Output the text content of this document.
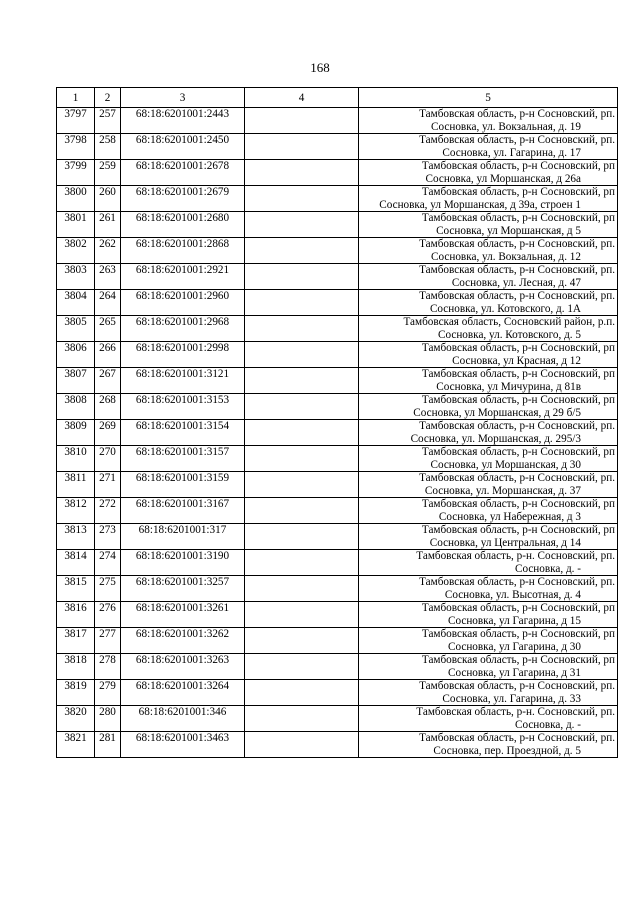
168
1	2	3	4	5
3797	257	68:18:6201001:2443		Тамбовская область, р-н Сосновский, рп.
Сосновка, ул. Вокзальная, д. 19

3798	258	68:18:6201001:2450		Тамбовская область, р-н Сосновский, рп.
Сосновка, ул. Гагарина, д. 17

3799	259	68:18:6201001:2678		Тамбовская область, р-н Сосновский, рп
Сосновка, ул Моршанская, д 26а

3800	260	68:18:6201001:2679		Тамбовская область, р-н Сосновский, рп
Сосновка, ул Моршанская, д 39а, строен 1

3801	261	68:18:6201001:2680		Тамбовская область, р-н Сосновский, рп
Сосновка, ул Моршанская, д 5

3802	262	68:18:6201001:2868		Тамбовская область, р-н Сосновский, рп.
Сосновка, ул. Вокзальная, д. 12

3803	263	68:18:6201001:2921		Тамбовская область, р-н Сосновский, рп.
Сосновка, ул. Лесная, д. 47

3804	264	68:18:6201001:2960		Тамбовская область, р-н Сосновский, рп.
Сосновка, ул. Котовского, д. 1А

3805	265	68:18:6201001:2968		Тамбовская область, Сосновский район, р.п.
Сосновка, ул. Котовского, д. 5

3806	266	68:18:6201001:2998		Тамбовская область, р-н Сосновский, рп
Сосновка, ул Красная, д 12

3807	267	68:18:6201001:3121		Тамбовская область, р-н Сосновский, рп
Сосновка, ул Мичурина, д 81в

3808	268	68:18:6201001:3153		Тамбовская область, р-н Сосновский, рп
Сосновка, ул Моршанская, д 29 б/5

3809	269	68:18:6201001:3154		Тамбовская область, р-н Сосновский, рп.
Сосновка, ул. Моршанская, д. 295/3

3810	270	68:18:6201001:3157		Тамбовская область, р-н Сосновский, рп
Сосновка, ул Моршанская, д 30

3811	271	68:18:6201001:3159		Тамбовская область, р-н Сосновский, рп.
Сосновка, ул. Моршанская, д. 37

3812	272	68:18:6201001:3167		Тамбовская область, р-н Сосновский, рп
Сосновка, ул Набережная, д 3

3813	273	68:18:6201001:317		Тамбовская область, р-н Сосновский, рп
Сосновка, ул Центральная, д 14

3814	274	68:18:6201001:3190		Тамбовская область, р-н. Сосновский, рп.
Сосновка, д. -

3815	275	68:18:6201001:3257		Тамбовская область, р-н Сосновский, рп.
Сосновка, ул. Высотная, д. 4

3816	276	68:18:6201001:3261		Тамбовская область, р-н Сосновский, рп
Сосновка, ул Гагарина, д 15

3817	277	68:18:6201001:3262		Тамбовская область, р-н Сосновский, рп
Сосновка, ул Гагарина, д 30

3818	278	68:18:6201001:3263		Тамбовская область, р-н Сосновский, рп
Сосновка, ул Гагарина, д 31

3819	279	68:18:6201001:3264		Тамбовская область, р-н Сосновский, рп.
Сосновка, ул. Гагарина, д. 33

3820	280	68:18:6201001:346		Тамбовская область, р-н. Сосновский, рп.
Сосновка, д. -

3821	281	68:18:6201001:3463		Тамбовская область, р-н Сосновский, рп.
Сосновка, пер. Проездной, д. 5
